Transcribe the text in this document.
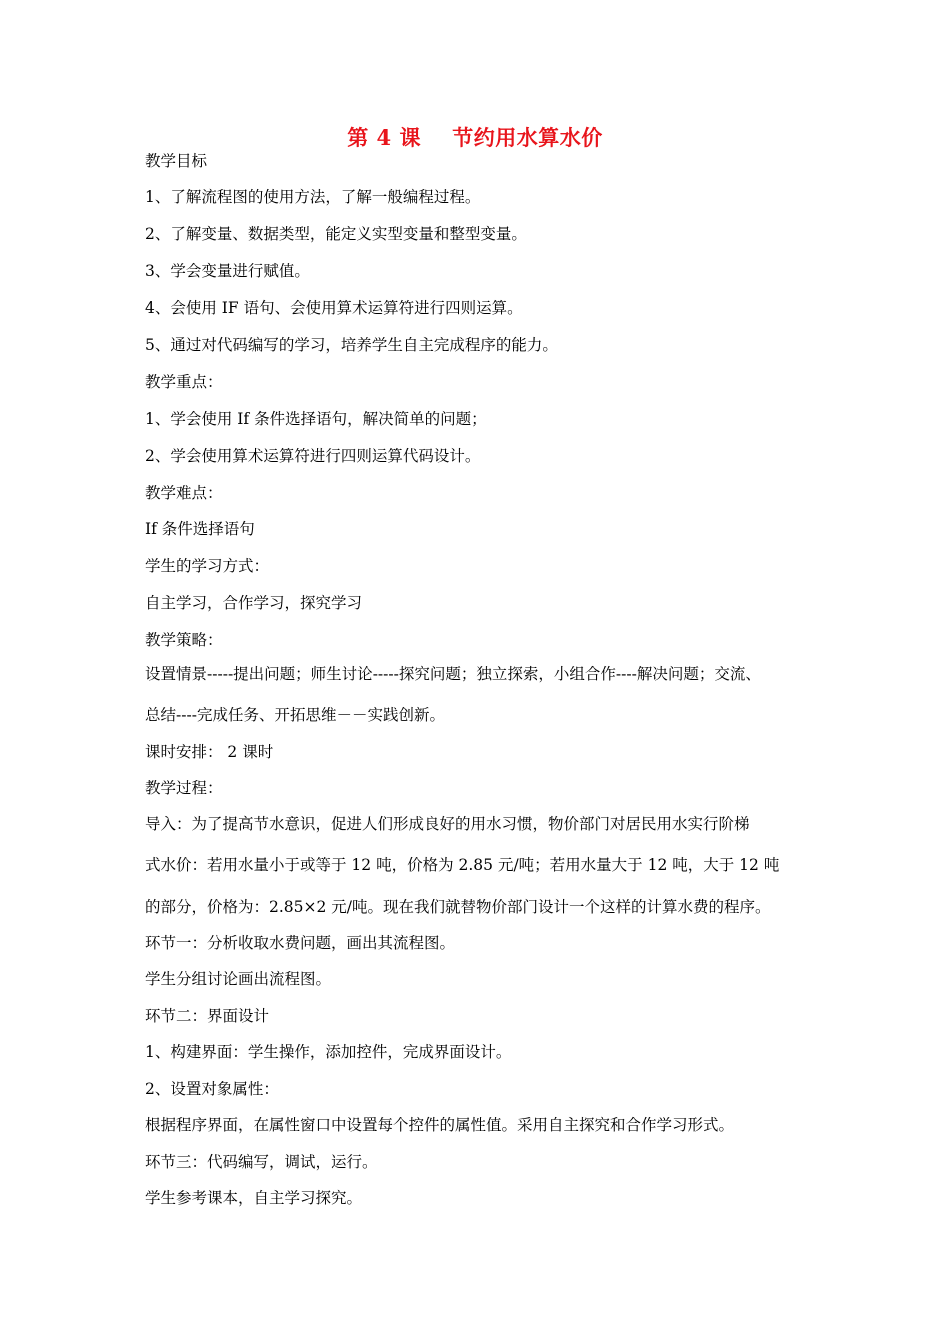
第 4 课    节约用水算水价
教学目标
1、了解流程图的使用方法，了解一般编程过程。
2、了解变量、数据类型，能定义实型变量和整型变量。
3、学会变量进行赋值。
4、会使用 IF 语句、会使用算术运算符进行四则运算。
5、通过对代码编写的学习，培养学生自主完成程序的能力。
教学重点：
1、学会使用 If 条件选择语句，解决简单的问题；
2、学会使用算术运算符进行四则运算代码设计。
教学难点：
If 条件选择语句
学生的学习方式：
自主学习，合作学习，探究学习
教学策略：
设置情景-----提出问题；师生讨论-----探究问题；独立探索，小组合作----解决问题；交流、
总结----完成任务、开拓思维－－实践创新。
课时安排： 2 课时
教学过程：
导入：为了提高节水意识，促进人们形成良好的用水习惯，物价部门对居民用水实行阶梯
式水价：若用水量小于或等于 12 吨，价格为 2.85 元/吨；若用水量大于 12 吨，大于 12 吨
的部分，价格为：2.85×2 元/吨。现在我们就替物价部门设计一个这样的计算水费的程序。
环节一：分析收取水费问题，画出其流程图。
学生分组讨论画出流程图。
环节二：界面设计
1、构建界面：学生操作，添加控件，完成界面设计。
2、设置对象属性：
根据程序界面，在属性窗口中设置每个控件的属性值。采用自主探究和合作学习形式。
环节三：代码编写，调试，运行。
学生参考课本，自主学习探究。
